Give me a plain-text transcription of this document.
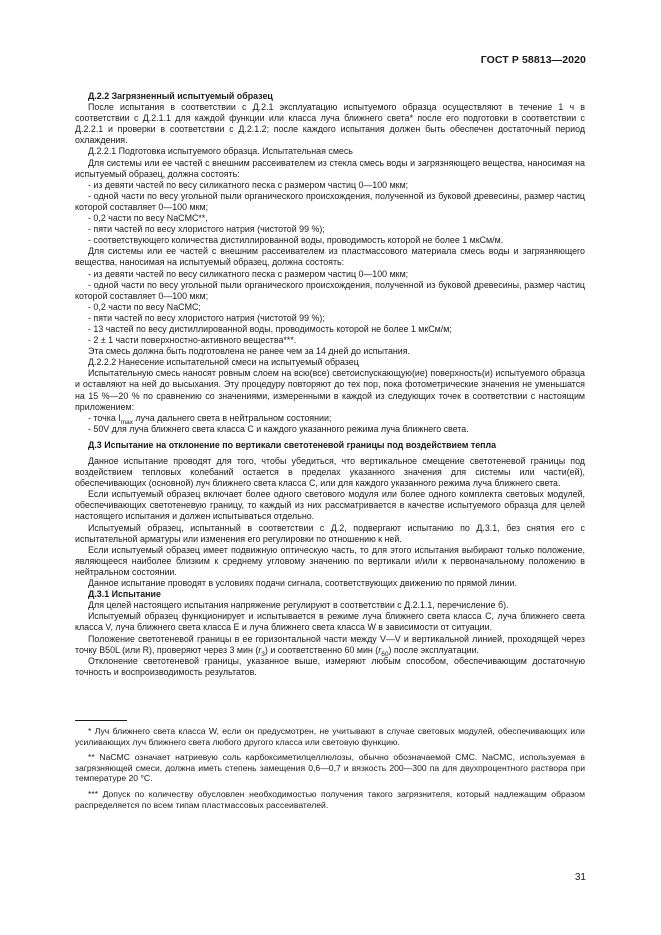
ГОСТ Р 58813—2020

Д.2.2 Загрязненный испытуемый образец

После испытания в соответствии с Д.2.1 эксплуатацию испытуемого образца осуществляют в течение 1 ч в соответствии с Д.2.1.1 для каждой функции или класса луча ближнего света* после его подготовки в соответствии с Д.2.2.1 и проверки в соответствии с Д.2.1.2; после каждого испытания должен быть обеспечен достаточный период охлаждения.

Д.2.2.1 Подготовка испытуемого образца. Испытательная смесь

Для системы или ее частей с внешним рассеивателем из стекла смесь воды и загрязняющего вещества, наносимая на испытуемый образец, должна состоять:

- из девяти частей по весу силикатного песка с размером частиц 0—100 мкм;

- одной части по весу угольной пыли органического происхождения, полученной из буковой древесины, размер частиц которой составляет 0—100 мкм;

- 0,2 части по весу NaCMC**,

- пяти частей по весу хлористого натрия (чистотой 99 %);

- соответствующего количества дистиллированной воды, проводимость которой не более 1 мкСм/м.

Для системы или ее частей с внешним рассеивателем из пластмассового материала смесь воды и загрязняющего вещества, наносимая на испытуемый образец, должна состоять:

- из девяти частей по весу силикатного песка с размером частиц 0—100 мкм;

- одной части по весу угольной пыли органического происхождения, полученной из буковой древесины, размер частиц которой составляет 0—100 мкм;

- 0,2 части по весу NaCMC;

- пяти частей по весу хлористого натрия (чистотой 99 %);

- 13 частей по весу дистиллированной воды, проводимость которой не более 1 мкСм/м;

- 2 ± 1 части поверхностно-активного вещества***.

Эта смесь должна быть подготовлена не ранее чем за 14 дней до испытания.

Д.2.2.2 Нанесение испытательной смеси на испытуемый образец

Испытательную смесь наносят ровным слоем на всю(все) светоиспускающую(ие) поверхность(и) испытуемого образца и оставляют на ней до высыхания. Эту процедуру повторяют до тех пор, пока фотометрические значения не уменьшатся на 15 %—20 % по сравнению со значениями, измеренными в каждой из следующих точек в соответствии с настоящим приложением:

- точка $I_{max}$ луча дальнего света в нейтральном состоянии;

- 50V для луча ближнего света класса C и каждого указанного режима луча ближнего света.

Д.3 Испытание на отклонение по вертикали светотеневой границы под воздействием тепла

Данное испытание проводят для того, чтобы убедиться, что вертикальное смещение светотеневой границы под воздействием тепловых колебаний остается в пределах указанного значения для системы или части(ей), обеспечивающих (основной) луч ближнего света класса C, или для каждого указанного режима луча ближнего света.

Если испытуемый образец включает более одного светового модуля или более одного комплекта световых модулей, обеспечивающих светотеневую границу, то каждый из них рассматривается в качестве испытуемого образца для целей настоящего испытания и должен испытываться отдельно.

Испытуемый образец, испытанный в соответствии с Д.2, подвергают испытанию по Д.3.1, без снятия его с испытательной арматуры или изменения его регулировки по отношению к ней.

Если испытуемый образец имеет подвижную оптическую часть, то для этого испытания выбирают только положение, являющееся наиболее близким к среднему угловому значению по вертикали и/или к первоначальному положению в нейтральном состоянии.

Данное испытание проводят в условиях подачи сигнала, соответствующих движению по прямой линии.

Д.3.1 Испытание

Для целей настоящего испытания напряжение регулируют в соответствии с Д.2.1.1, перечисление б).

Испытуемый образец функционирует и испытывается в режиме луча ближнего света класса C, луча ближнего света класса V, луча ближнего света класса E и луча ближнего света класса W в зависимости от ситуации.

Положение светотеневой границы в ее горизонтальной части между V—V и вертикальной линией, проходящей через точку B50L (или R), проверяют через 3 мин $(r_3)$ и соответственно 60 мин $(r_{60})$ после эксплуатации.

Отклонение светотеневой границы, указанное выше, измеряют любым способом, обеспечивающим достаточную точность и воспроизводимость результатов.

* Луч ближнего света класса W, если он предусмотрен, не учитывают в случае световых модулей, обеспечивающих или усиливающих луч ближнего света любого другого класса или световую функцию.

** NaCMC означает натриевую соль карбоксиметилцеллюлозы, обычно обозначаемой CMC. NaCMC, используемая в загрязняющей смеси, должна иметь степень замещения 0,6—0,7 и вязкость 200—300 па для двухпроцентного раствора при температуре 20 °C.

*** Допуск по количеству обусловлен необходимостью получения такого загрязнителя, который надлежащим образом распределяется по всем типам пластмассовых рассеивателей.

31
